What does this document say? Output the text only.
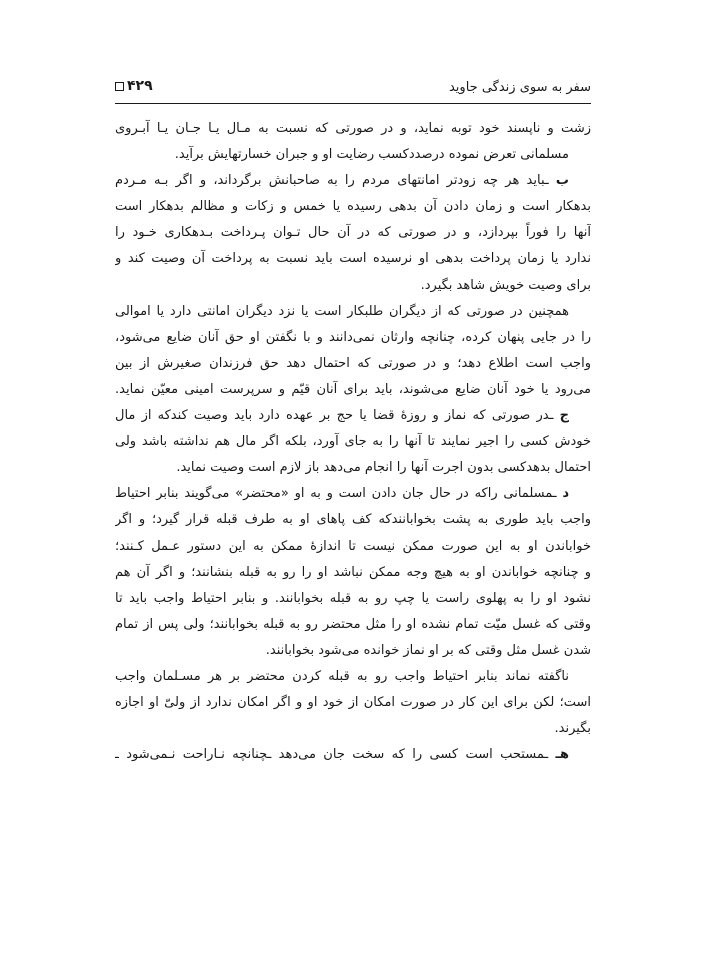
سفر به سوی زندگی جاوید
۴۲۹
زشت و ناپسند خود توبه نماید، و در صورتی که نسبت به مـال یـا جـان یـا آبـروی
مسلمانی تعرض نموده درصددکسب رضایت او و جبران خسارتهایش برآید.
ب ـباید هر چه زودتر امانتهای مردم را به صاحبانش برگرداند، و اگر بـه مـردم
بدهکار است و زمان دادن آن بدهی رسیده یا خمس و زکات و مظالم بدهکار است
آنها را فوراً بپردازد، و در صورتی که در آن حال تـوان پـرداخت بـدهکاری خـود را
ندارد یا زمان پرداخت بدهی او نرسیده است باید نسبت به پرداخت آن وصیت کند و
برای وصیت خویش شاهد بگیرد.
همچنین در صورتی که از دیگران طلبکار است یا نزد دیگران امانتی دارد یا اموالی
را در جایی پنهان کرده، چنانچه وارثان نمی‌دانند و با نگفتن او حق آنان ضایع می‌شود،
واجب است اطلاع دهد؛ و در صورتی که احتمال دهد حق فرزندان صغیرش از بین
می‌رود یا خود آنان ضایع می‌شوند، باید برای آنان قیّم و سرپرست امینی معیّن نماید.
ج ـدر صورتی که نماز و روزهٔ قضا یا حج بر عهده دارد باید وصیت کندکه از مال
خودش کسی را اجیر نمایند تا آنها را به جای آورد، بلکه اگر مال هم نداشته باشد ولی
احتمال بدهدکسی بدون اجرت آنها را انجام می‌دهد باز لازم است وصیت نماید.
د ـمسلمانی راکه در حال جان دادن است و به او «محتضر» می‌گویند بنابر احتیاط
واجب باید طوری به پشت بخوابانندکه کف پاهای او به طرف قبله قرار گیرد؛ و اگر
خواباندن او به این صورت ممکن نیست تا اندازهٔ ممکن به این دستور عـمل کـنند؛
و چنانچه خواباندن او به هیچ وجه ممکن نباشد او را رو به قبله بنشانند؛ و اگر آن هم
نشود او را به پهلوی راست یا چپ رو به قبله بخوابانند. و بنابر احتیاط واجب باید تا
وقتی که غسل میّت تمام نشده او را مثل محتضر رو به قبله بخوابانند؛ ولی پس از تمام
شدن غسل مثل وقتی که بر او نماز خوانده می‌شود بخوابانند.
ناگفته نماند بنابر احتیاط واجب رو به قبله کردن محتضر بر هر مسـلمان واجب
است؛ لکن برای این کار در صورت امکان از خود او و اگر امکان ندارد از ولیّ او اجازه
بگیرند.
هـ ـمستحب است کسی را که سخت جان می‌دهد ـچنانچه نـاراحت نـمی‌شود ـ
